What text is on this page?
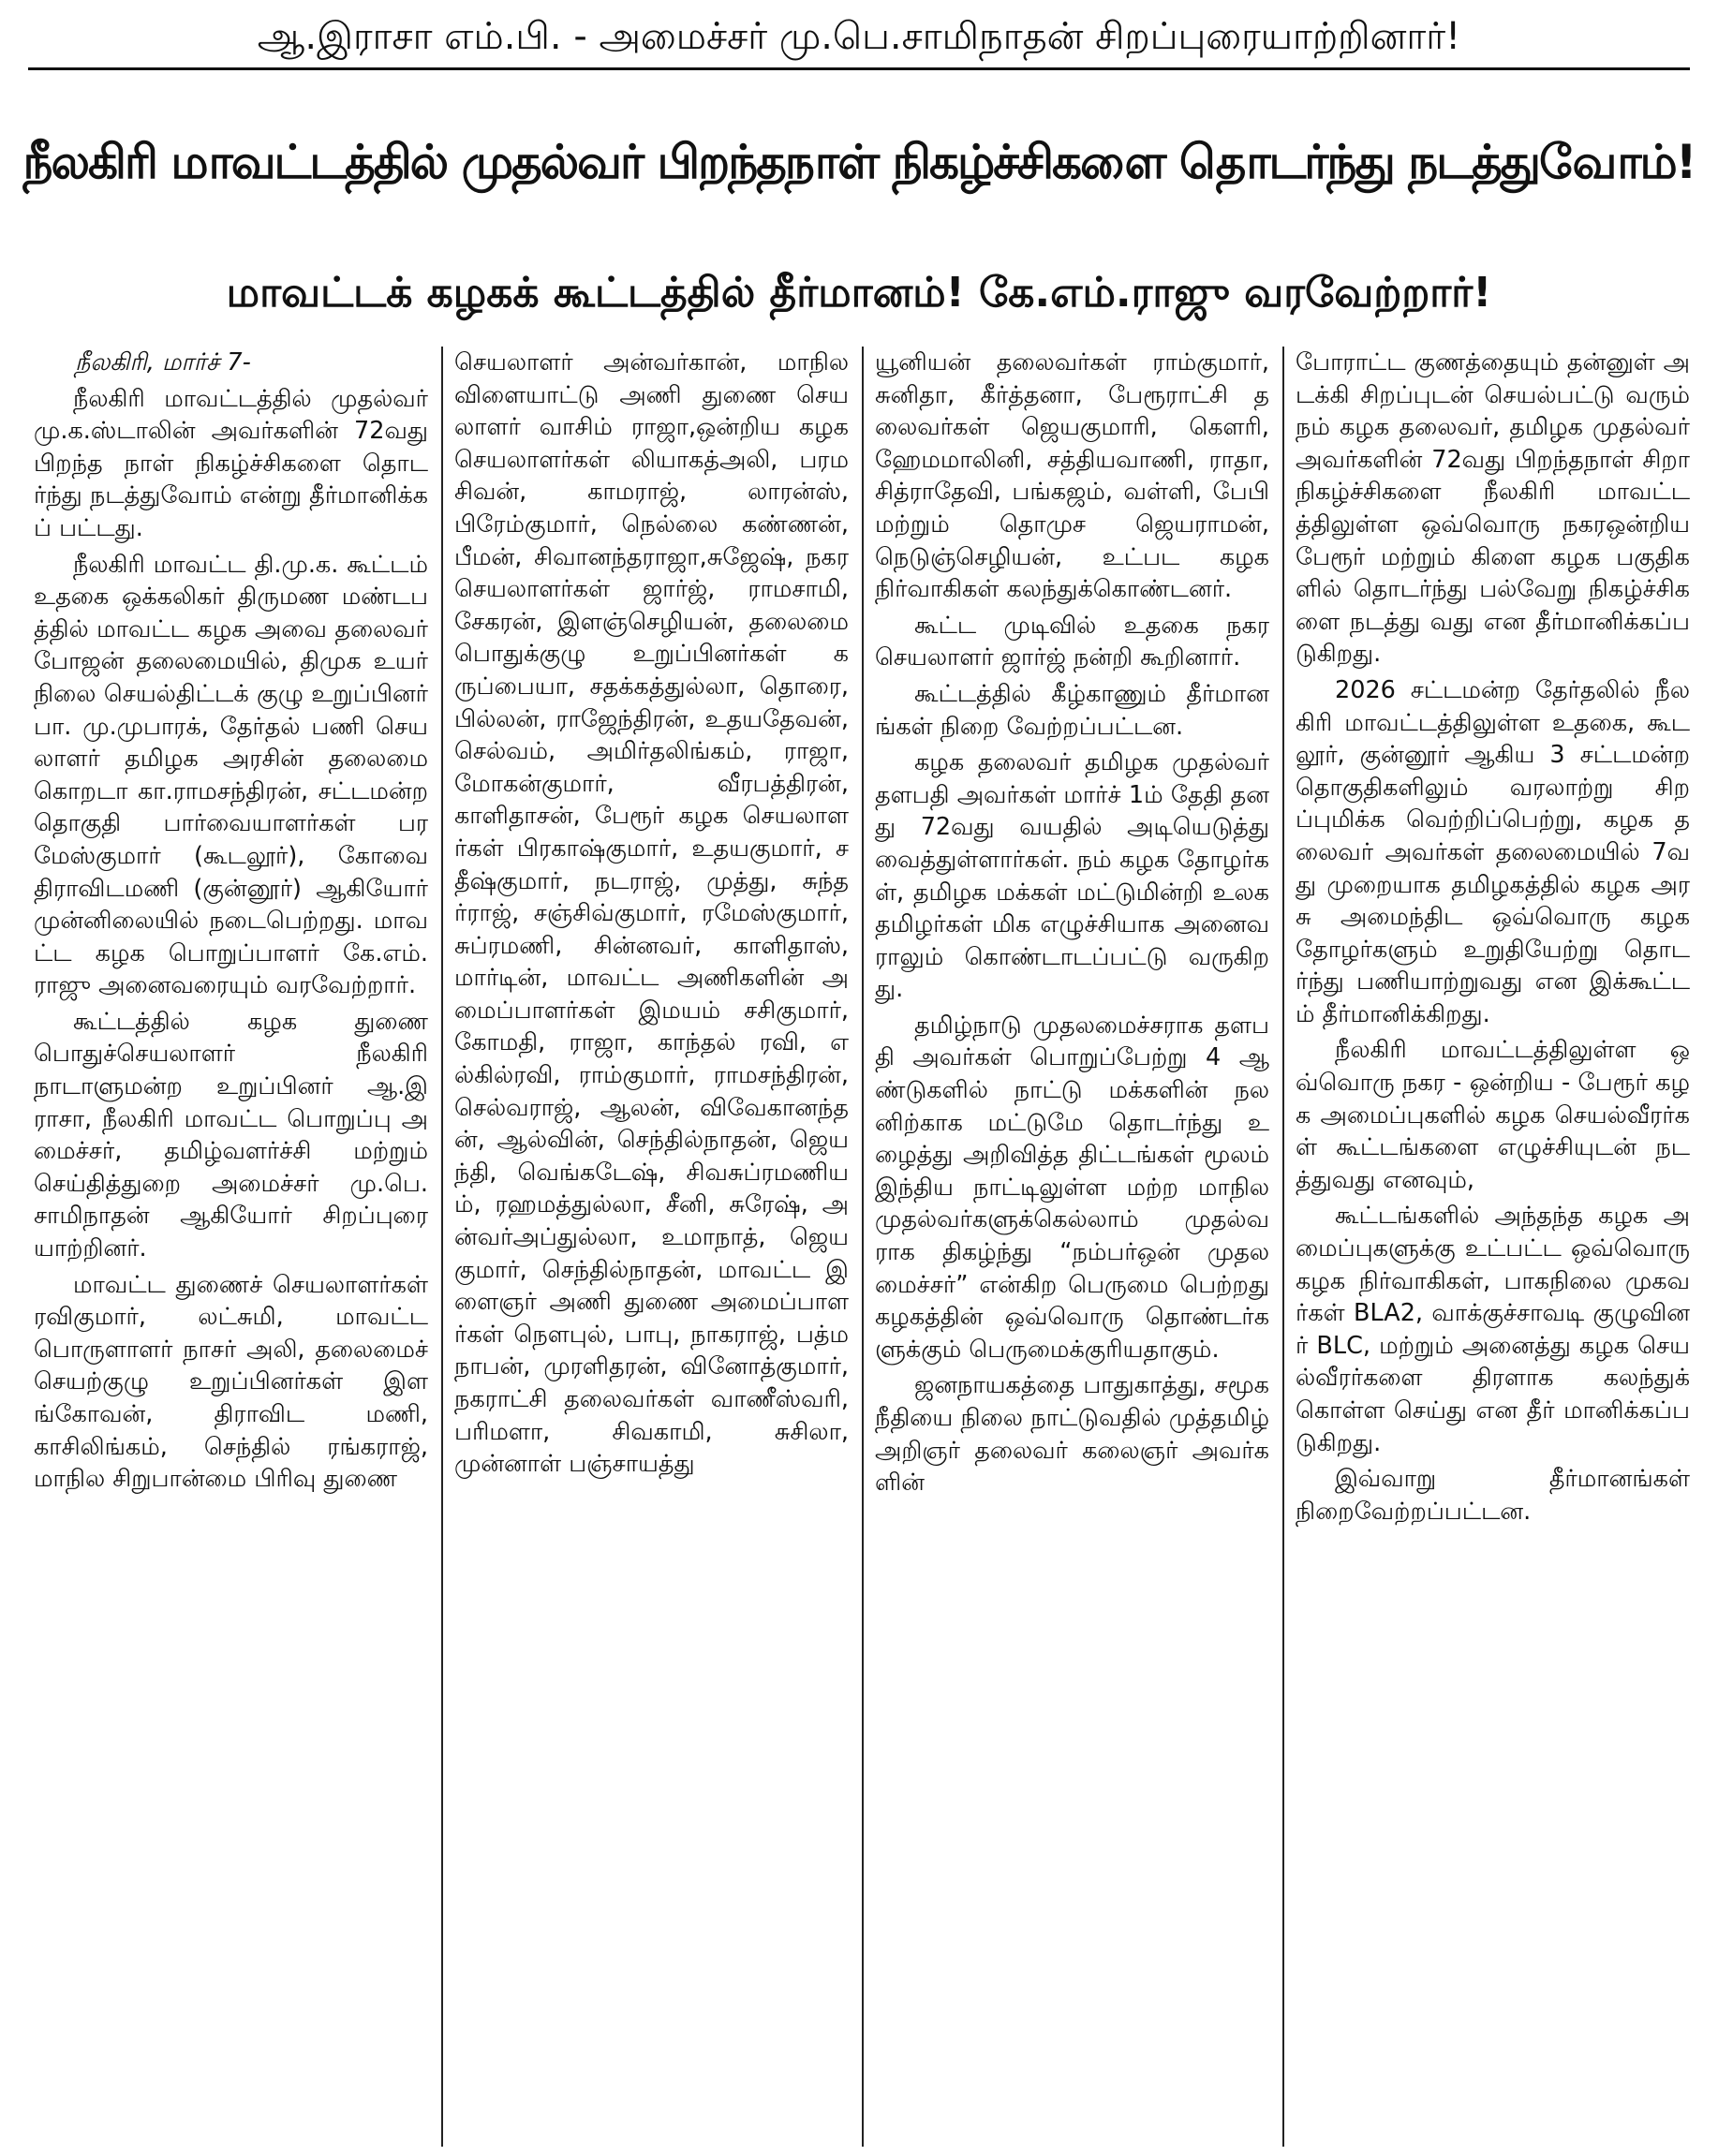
ஆ.இராசா எம்.பி. - அமைச்சர் மு.பெ.சாமிநாதன் சிறப்புரையாற்றினார்!
நீலகிரி மாவட்டத்தில் முதல்வர் பிறந்தநாள் நிகழ்ச்சிகளை தொடர்ந்து நடத்துவோம்!
மாவட்டக் கழகக் கூட்டத்தில் தீர்மானம்! கே.எம்.ராஜு வரவேற்றார்!

நீலகிரி, மார்ச் 7-

நீலகிரி மாவட்டத்தில் முதல்வர் மு.க.ஸ்டாலின் அவர்களின் 72வது பிறந்த நாள் நிகழ்ச்சிகளை தொடர்ந்து நடத்துவோம் என்று தீர்மானிக்கப் பட்டது.

நீலகிரி மாவட்ட தி.மு.க. கூட்டம் உதகை ஒக்கலிகர் திருமண மண்டபத்தில் மாவட்ட கழக அவை தலைவர் போஜன் தலைமையில், திமுக உயர் நிலை செயல்திட்டக் குழு உறுப்பினர் பா. மு.முபாரக், தேர்தல் பணி செயலாளர் தமிழக அரசின் தலைமை கொறடா கா.ராமசந்திரன், சட்டமன்ற தொகுதி பார்வையாளர்கள் பரமேஸ்குமார் (கூடலூர்), கோவை திராவிடமணி (குன்னூர்) ஆகியோர் முன்னிலையில் நடைபெற்றது. மாவட்ட கழக பொறுப்பாளர் கே.எம்.ராஜு அனைவரையும் வரவேற்றார்.

கூட்டத்தில் கழக துணை பொதுச்செயலாளர் நீலகிரி நாடாளுமன்ற உறுப்பினர் ஆ.இராசா, நீலகிரி மாவட்ட பொறுப்பு அமைச்சர், தமிழ்வளர்ச்சி மற்றும் செய்தித்துறை அமைச்சர் மு.பெ.சாமிநாதன் ஆகியோர் சிறப்புரை யாற்றினர்.

மாவட்ட துணைச் செயலாளர்கள் ரவிகுமார், லட்சுமி, மாவட்ட பொருளாளர் நாசர் அலி, தலைமைச் செயற்குழு உறுப்பினர்கள் இளங்கோவன், திராவிட மணி, காசிலிங்கம், செந்தில் ரங்கராஜ், மாநில சிறுபான்மை பிரிவு துணை

செயலாளர் அன்வர்கான், மாநில விளையாட்டு அணி துணை செயலாளர் வாசிம் ராஜா,ஒன்றிய கழக செயலாளர்கள் லியாகத்அலி, பரமசிவன், காமராஜ், லாரன்ஸ், பிரேம்குமார், நெல்லை கண்ணன், பீமன், சிவானந்தராஜா,சுஜேஷ், நகர செயலாளர்கள் ஜார்ஜ், ராமசாமி, சேகரன், இளஞ்செழியன், தலைமை பொதுக்குழு உறுப்பினர்கள் கருப்பையா, சதக்கத்துல்லா, தொரை, பில்லன், ராஜேந்திரன், உதயதேவன், செல்வம், அமிர்தலிங்கம், ராஜா, மோகன்குமார், வீரபத்திரன், காளிதாசன், பேரூர் கழக செயலாளர்கள் பிரகாஷ்குமார், உதயகுமார், சதீஷ்குமார், நடராஜ், முத்து, சுந்தர்ராஜ், சஞ்சிவ்குமார், ரமேஸ்குமார், சுப்ரமணி, சின்னவர், காளிதாஸ், மார்டின், மாவட்ட அணிகளின் அமைப்பாளர்கள் இமயம் சசிகுமார், கோமதி, ராஜா, காந்தல் ரவி, எல்கில்ரவி, ராம்குமார், ராமசந்திரன், செல்வராஜ், ஆலன், விவேகானந்தன், ஆல்வின், செந்தில்நாதன், ஜெயந்தி, வெங்கடேஷ், சிவசுப்ரமணியம், ரஹமத்துல்லா, சீனி, சுரேஷ், அன்வர்அப்துல்லா, உமாநாத், ஜெயகுமார், செந்தில்நாதன், மாவட்ட இளைஞர் அணி துணை அமைப்பாளர்கள் நௌபுல், பாபு, நாகராஜ், பத்மநாபன், முரளிதரன், வினோத்குமார், நகராட்சி தலைவர்கள் வாணீஸ்வரி, பரிமளா, சிவகாமி, சுசிலா, முன்னாள் பஞ்சாயத்து

யூனியன் தலைவர்கள் ராம்குமார், சுனிதா, கீர்த்தனா, பேரூராட்சி தலைவர்கள் ஜெயகுமாரி, கௌரி, ஹேமமாலினி, சத்தியவாணி, ராதா, சித்ராதேவி, பங்கஜம், வள்ளி, பேபி மற்றும் தொமுச ஜெயராமன், நெடுஞ்செழியன், உட்பட கழக நிர்வாகிகள் கலந்துக்கொண்டனர்.

கூட்ட முடிவில் உதகை நகர செயலாளர் ஜார்ஜ் நன்றி கூறினார்.

கூட்டத்தில் கீழ்காணும் தீர்மானங்கள் நிறை வேற்றப்பட்டன.

கழக தலைவர் தமிழக முதல்வர் தளபதி அவர்கள் மார்ச் 1ம் தேதி தனது 72வது வயதில் அடியெடுத்து வைத்துள்ளார்கள். நம் கழக தோழர்கள், தமிழக மக்கள் மட்டுமின்றி உலக தமிழர்கள் மிக எழுச்சியாக அனைவராலும் கொண்டாடப்பட்டு வருகிறது.

தமிழ்நாடு முதலமைச்சராக தளபதி அவர்கள் பொறுப்பேற்று 4 ஆண்டுகளில் நாட்டு மக்களின் நலனிற்காக மட்டுமே தொடர்ந்து உழைத்து அறிவித்த திட்டங்கள் மூலம் இந்திய நாட்டிலுள்ள மற்ற மாநில முதல்வர்களுக்கெல்லாம் முதல்வராக திகழ்ந்து “நம்பர்ஒன் முதலமைச்சர்” என்கிற பெருமை பெற்றது கழகத்தின் ஒவ்வொரு தொண்டர்களுக்கும் பெருமைக்குரியதாகும்.

ஜனநாயகத்தை பாதுகாத்து, சமூக நீதியை நிலை நாட்டுவதில் முத்தமிழ் அறிஞர் தலைவர் கலைஞர் அவர்களின்

போராட்ட குணத்தையும் தன்னுள் அடக்கி சிறப்புடன் செயல்பட்டு வரும் நம் கழக தலைவர், தமிழக முதல்வர் அவர்களின் 72வது பிறந்தநாள் சிறா நிகழ்ச்சிகளை நீலகிரி மாவட்டத்திலுள்ள ஒவ்வொரு நகரஒன்றியபேரூர் மற்றும் கிளை கழக பகுதிகளில் தொடர்ந்து பல்வேறு நிகழ்ச்சிகளை நடத்து வது என தீர்மானிக்கப்படுகிறது.

2026 சட்டமன்ற தேர்தலில் நீலகிரி மாவட்டத்திலுள்ள உதகை, கூடலூர், குன்னூர் ஆகிய 3 சட்டமன்ற தொகுதிகளிலும் வரலாற்று சிறப்புமிக்க வெற்றிப்பெற்று, கழக தலைவர் அவர்கள் தலைமையில் 7வது முறையாக தமிழகத்தில் கழக அரசு அமைந்திட ஒவ்வொரு கழக தோழர்களும் உறுதியேற்று தொடர்ந்து பணியாற்றுவது என இக்கூட்டம் தீர்மானிக்கிறது.

நீலகிரி மாவட்டத்திலுள்ள ஒவ்வொரு நகர - ஒன்றிய - பேரூர் கழக அமைப்புகளில் கழக செயல்வீரர்கள் கூட்டங்களை எழுச்சியுடன் நடத்துவது எனவும்,

கூட்டங்களில் அந்தந்த கழக அமைப்புகளுக்கு உட்பட்ட ஒவ்வொரு கழக நிர்வாகிகள், பாகநிலை முகவர்கள் BLA2, வாக்குச்சாவடி குழுவினர் BLC, மற்றும் அனைத்து கழக செயல்வீரர்களை திரளாக கலந்துக் கொள்ள செய்து என தீர் மானிக்கப்படுகிறது.

இவ்வாறு தீர்மானங்கள் நிறைவேற்றப்பட்டன.
